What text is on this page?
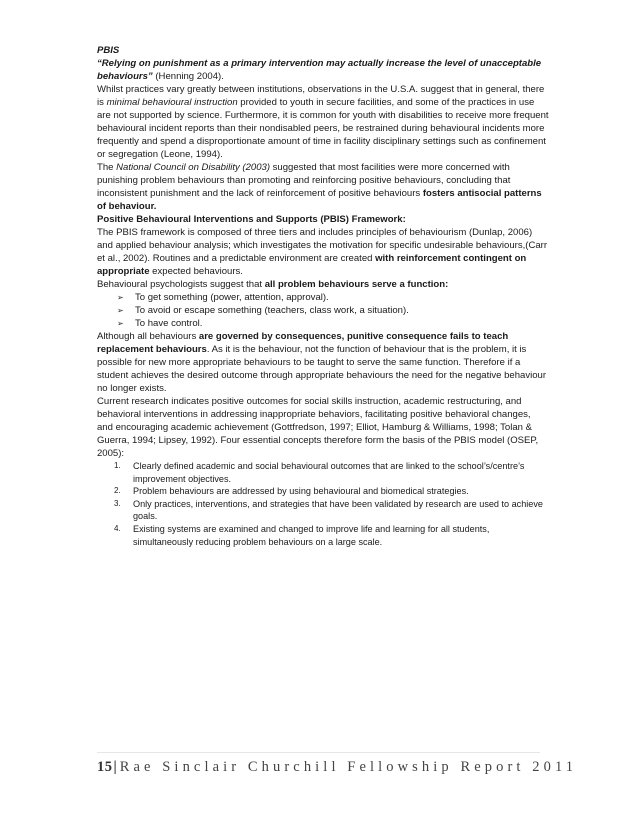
PBIS

“Relying on punishment as a primary intervention may actually increase the level of unacceptable behaviours” (Henning 2004).

Whilst practices vary greatly between institutions, observations in the U.S.A. suggest that in general, there is minimal behavioural instruction provided to youth in secure facilities, and some of the practices in use are not supported by science. Furthermore, it is common for youth with disabilities to receive more frequent behavioural incident reports than their nondisabled peers, be restrained during behavioural incidents more frequently and spend a disproportionate amount of time in facility disciplinary settings such as confinement or segregation (Leone, 1994).

The National Council on Disability (2003) suggested that most facilities were more concerned with punishing problem behaviours than promoting and reinforcing positive behaviours, concluding that inconsistent punishment and the lack of reinforcement of positive behaviours fosters antisocial patterns of behaviour.

Positive Behavioural Interventions and Supports (PBIS) Framework:

The PBIS framework is composed of three tiers and includes principles of behaviourism (Dunlap, 2006) and applied behaviour analysis; which investigates the motivation for specific undesirable behaviours,(Carr et al., 2002). Routines and a predictable environment are created with reinforcement contingent on appropriate expected behaviours.

Behavioural psychologists suggest that all problem behaviours serve a function:

➢ To get something (power, attention, approval).
➢ To avoid or escape something (teachers, class work, a situation).
➢ To have control.

Although all behaviours are governed by consequences, punitive consequence fails to teach replacement behaviours. As it is the behaviour, not the function of behaviour that is the problem, it is possible for new more appropriate behaviours to be taught to serve the same function. Therefore if a student achieves the desired outcome through appropriate behaviours the need for the negative behaviour no longer exists.

Current research indicates positive outcomes for social skills instruction, academic restructuring, and behavioral interventions in addressing inappropriate behaviors, facilitating positive behavioral changes, and encouraging academic achievement (Gottfredson, 1997; Elliot, Hamburg & Williams, 1998; Tolan & Guerra, 1994; Lipsey, 1992). Four essential concepts therefore form the basis of the PBIS model (OSEP, 2005):

1. Clearly defined academic and social behavioural outcomes that are linked to the school’s/centre’s improvement objectives.
2. Problem behaviours are addressed by using behavioural and biomedical strategies.
3. Only practices, interventions, and strategies that have been validated by research are used to achieve goals.
4. Existing systems are examined and changed to improve life and learning for all students, simultaneously reducing problem behaviours on a large scale.
15| Rae Sinclair Churchill Fellowship Report 2011
